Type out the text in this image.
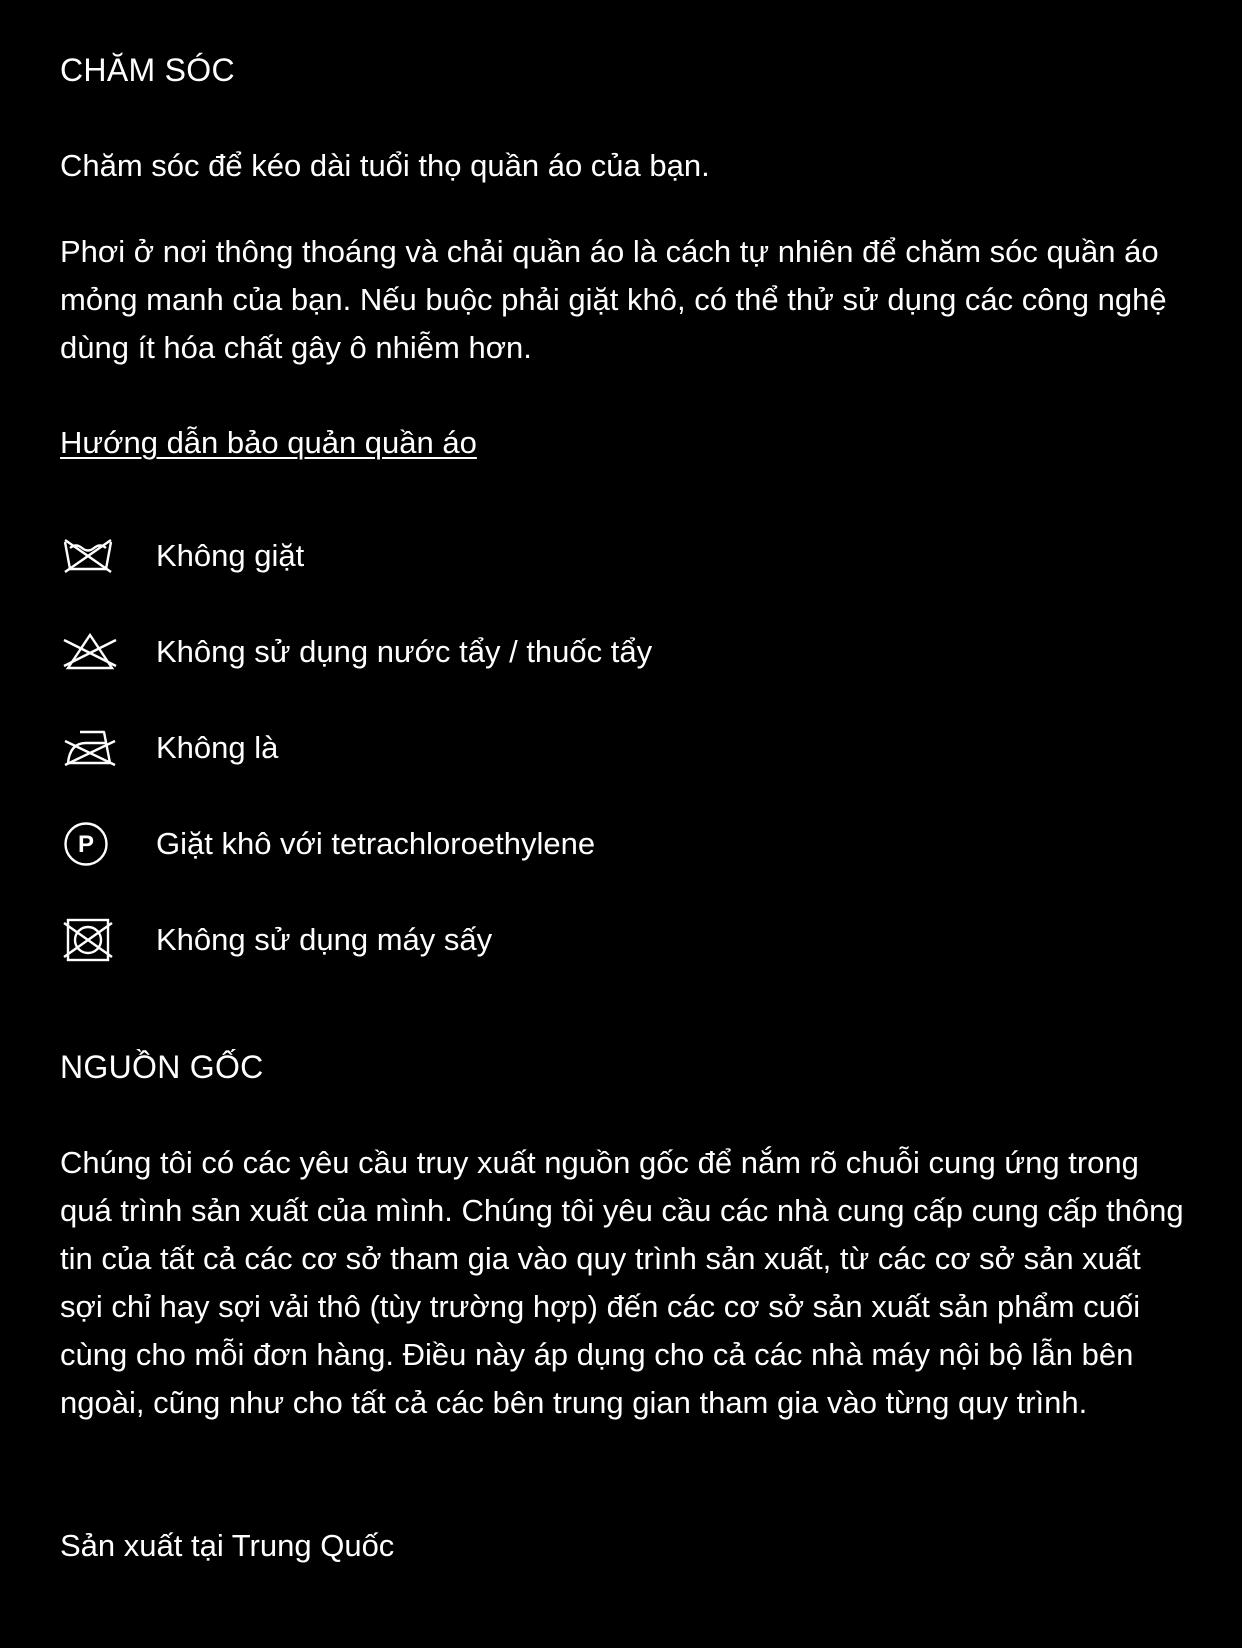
CHĂM SÓC

Chăm sóc để kéo dài tuổi thọ quần áo của bạn.

Phơi ở nơi thông thoáng và chải quần áo là cách tự nhiên để chăm sóc quần áo mỏng manh của bạn. Nếu buộc phải giặt khô, có thể thử sử dụng các công nghệ dùng ít hóa chất gây ô nhiễm hơn.

Hướng dẫn bảo quản quần áo
Không giặt
Không sử dụng nước tẩy / thuốc tẩy
Không là
P Giặt khô với tetrachloroethylene
Không sử dụng máy sấy
NGUỒN GỐC

Chúng tôi có các yêu cầu truy xuất nguồn gốc để nắm rõ chuỗi cung ứng trong quá trình sản xuất của mình. Chúng tôi yêu cầu các nhà cung cấp cung cấp thông tin của tất cả các cơ sở tham gia vào quy trình sản xuất, từ các cơ sở sản xuất sợi chỉ hay sợi vải thô (tùy trường hợp) đến các cơ sở sản xuất sản phẩm cuối cùng cho mỗi đơn hàng. Điều này áp dụng cho cả các nhà máy nội bộ lẫn bên ngoài, cũng như cho tất cả các bên trung gian tham gia vào từng quy trình.

Sản xuất tại Trung Quốc
